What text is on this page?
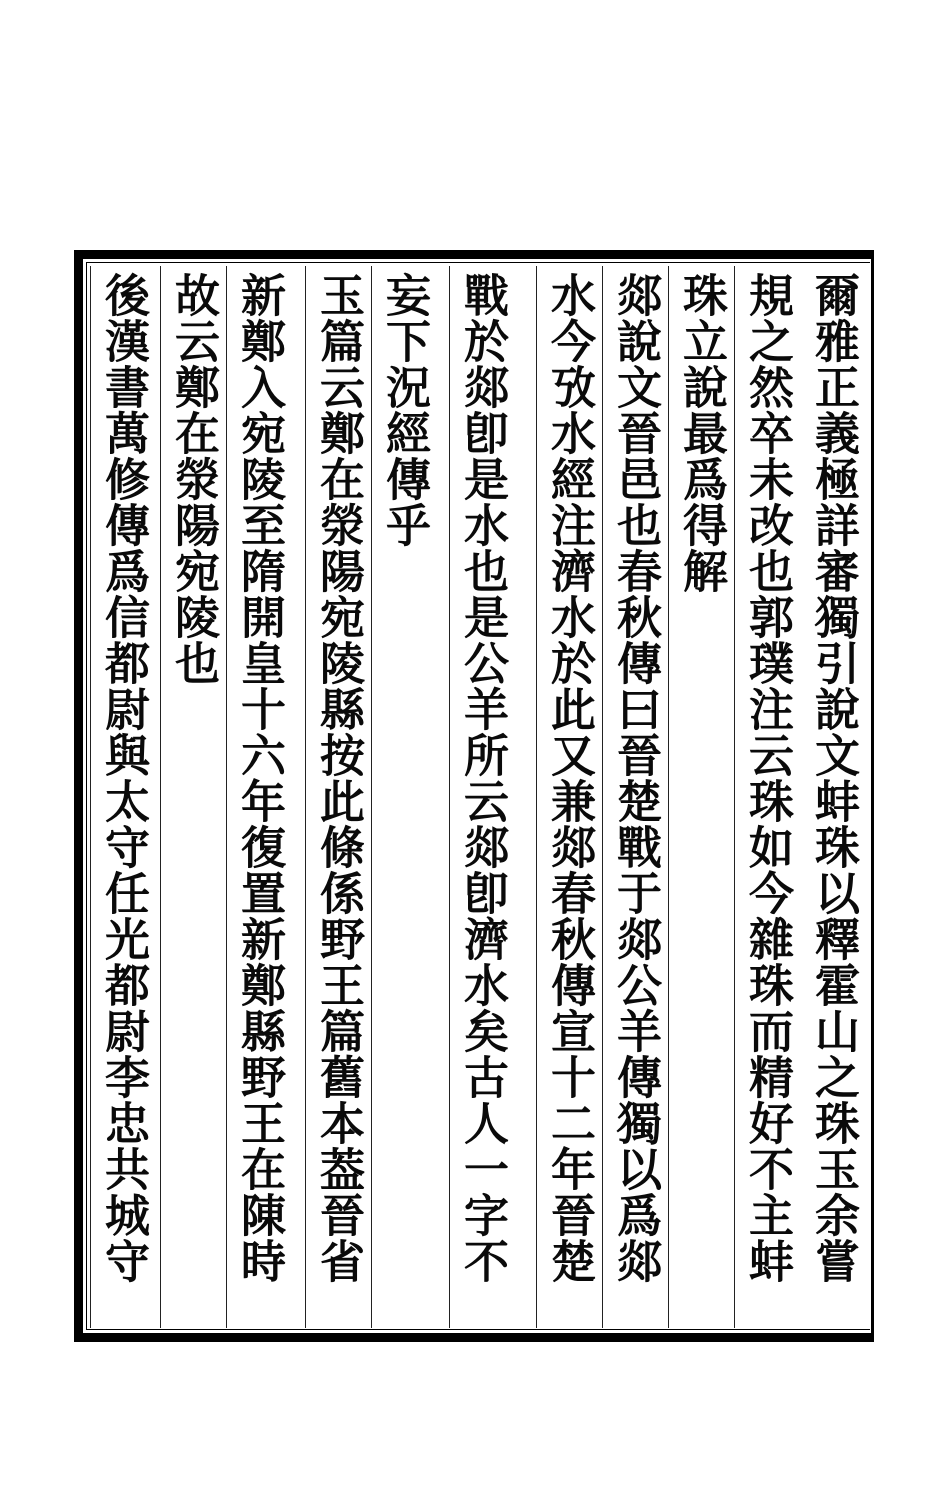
爾雅正義極詳審獨引說文蚌珠以釋霍山之珠玉余嘗
規之然卒未改也郭璞注云珠如今雜珠而精好不主蚌
珠立說最爲得解
郯說文晉邑也春秋傳曰晉楚戰于郯公羊傳獨以爲郯
水今攷水經注濟水於此又兼郯春秋傳宣十二年晉楚
戰於郯卽是水也是公羊所云郯卽濟水矣古人一字不
妄下況經傳乎
玉篇云鄭在滎陽宛陵縣按此條係野王篇舊本葢晉省
新鄭入宛陵至隋開皇十六年復置新鄭縣野王在陳時
故云鄭在滎陽宛陵也
後漢書萬修傳爲信都尉與太守任光都尉李忠共城守
